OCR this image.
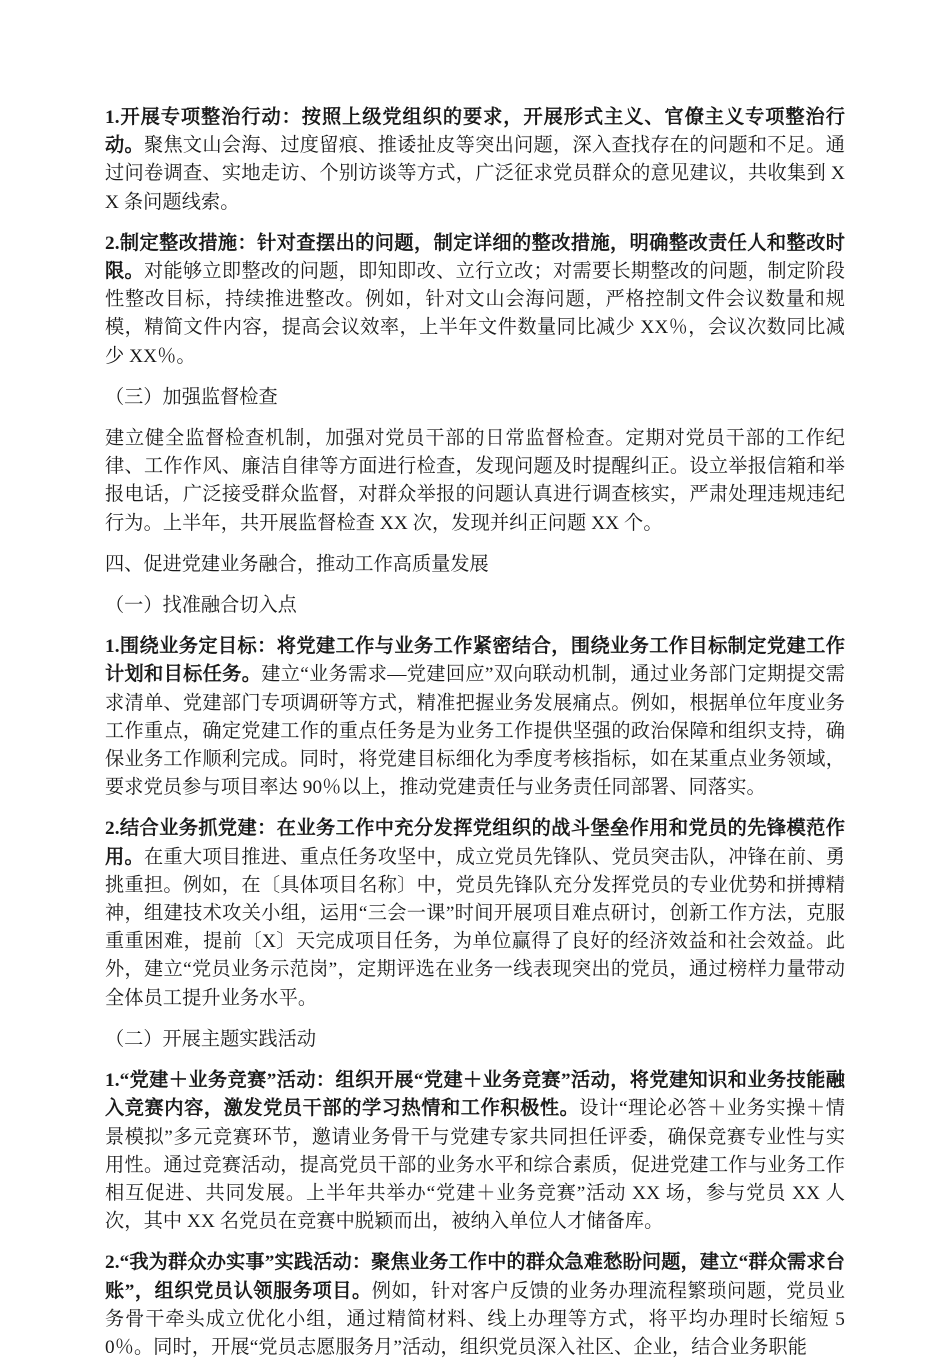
1.开展专项整治行动：按照上级党组织的要求，开展形式主义、官僚主义专项整治行动。聚焦文山会海、过度留痕、推诿扯皮等突出问题，深入查找存在的问题和不足。通过问卷调查、实地走访、个别访谈等方式，广泛征求党员群众的意见建议，共收集到 XX 条问题线索。

2.制定整改措施：针对查摆出的问题，制定详细的整改措施，明确整改责任人和整改时限。对能够立即整改的问题，即知即改、立行立改；对需要长期整改的问题，制定阶段性整改目标，持续推进整改。例如，针对文山会海问题，严格控制文件会议数量和规模，精简文件内容，提高会议效率，上半年文件数量同比减少 XX％，会议次数同比减少 XX％。

（三）加强监督检查

建立健全监督检查机制，加强对党员干部的日常监督检查。定期对党员干部的工作纪律、工作作风、廉洁自律等方面进行检查，发现问题及时提醒纠正。设立举报信箱和举报电话，广泛接受群众监督，对群众举报的问题认真进行调查核实，严肃处理违规违纪行为。上半年，共开展监督检查 XX 次，发现并纠正问题 XX 个。

四、促进党建业务融合，推动工作高质量发展

（一）找准融合切入点

1.围绕业务定目标：将党建工作与业务工作紧密结合，围绕业务工作目标制定党建工作计划和目标任务。建立“业务需求—党建回应”双向联动机制，通过业务部门定期提交需求清单、党建部门专项调研等方式，精准把握业务发展痛点。例如，根据单位年度业务工作重点，确定党建工作的重点任务是为业务工作提供坚强的政治保障和组织支持，确保业务工作顺利完成。同时，将党建目标细化为季度考核指标，如在某重点业务领域，要求党员参与项目率达 90％以上，推动党建责任与业务责任同部署、同落实。

2.结合业务抓党建：在业务工作中充分发挥党组织的战斗堡垒作用和党员的先锋模范作用。在重大项目推进、重点任务攻坚中，成立党员先锋队、党员突击队，冲锋在前、勇挑重担。例如，在〔具体项目名称〕中，党员先锋队充分发挥党员的专业优势和拼搏精神，组建技术攻关小组，运用“三会一课”时间开展项目难点研讨，创新工作方法，克服重重困难，提前〔X〕天完成项目任务，为单位赢得了良好的经济效益和社会效益。此外，建立“党员业务示范岗”，定期评选在业务一线表现突出的党员，通过榜样力量带动全体员工提升业务水平。

（二）开展主题实践活动

1.“党建＋业务竞赛”活动：组织开展“党建＋业务竞赛”活动，将党建知识和业务技能融入竞赛内容，激发党员干部的学习热情和工作积极性。设计“理论必答＋业务实操＋情景模拟”多元竞赛环节，邀请业务骨干与党建专家共同担任评委，确保竞赛专业性与实用性。通过竞赛活动，提高党员干部的业务水平和综合素质，促进党建工作与业务工作相互促进、共同发展。上半年共举办“党建＋业务竞赛”活动 XX 场，参与党员 XX 人次，其中 XX 名党员在竞赛中脱颖而出，被纳入单位人才储备库。

2.“我为群众办实事”实践活动：聚焦业务工作中的群众急难愁盼问题，建立“群众需求台账”，组织党员认领服务项目。例如，针对客户反馈的业务办理流程繁琐问题，党员业务骨干牵头成立优化小组，通过精简材料、线上办理等方式，将平均办理时长缩短 50％。同时，开展“党员志愿服务月”活动，组织党员深入社区、企业，结合业务职能
